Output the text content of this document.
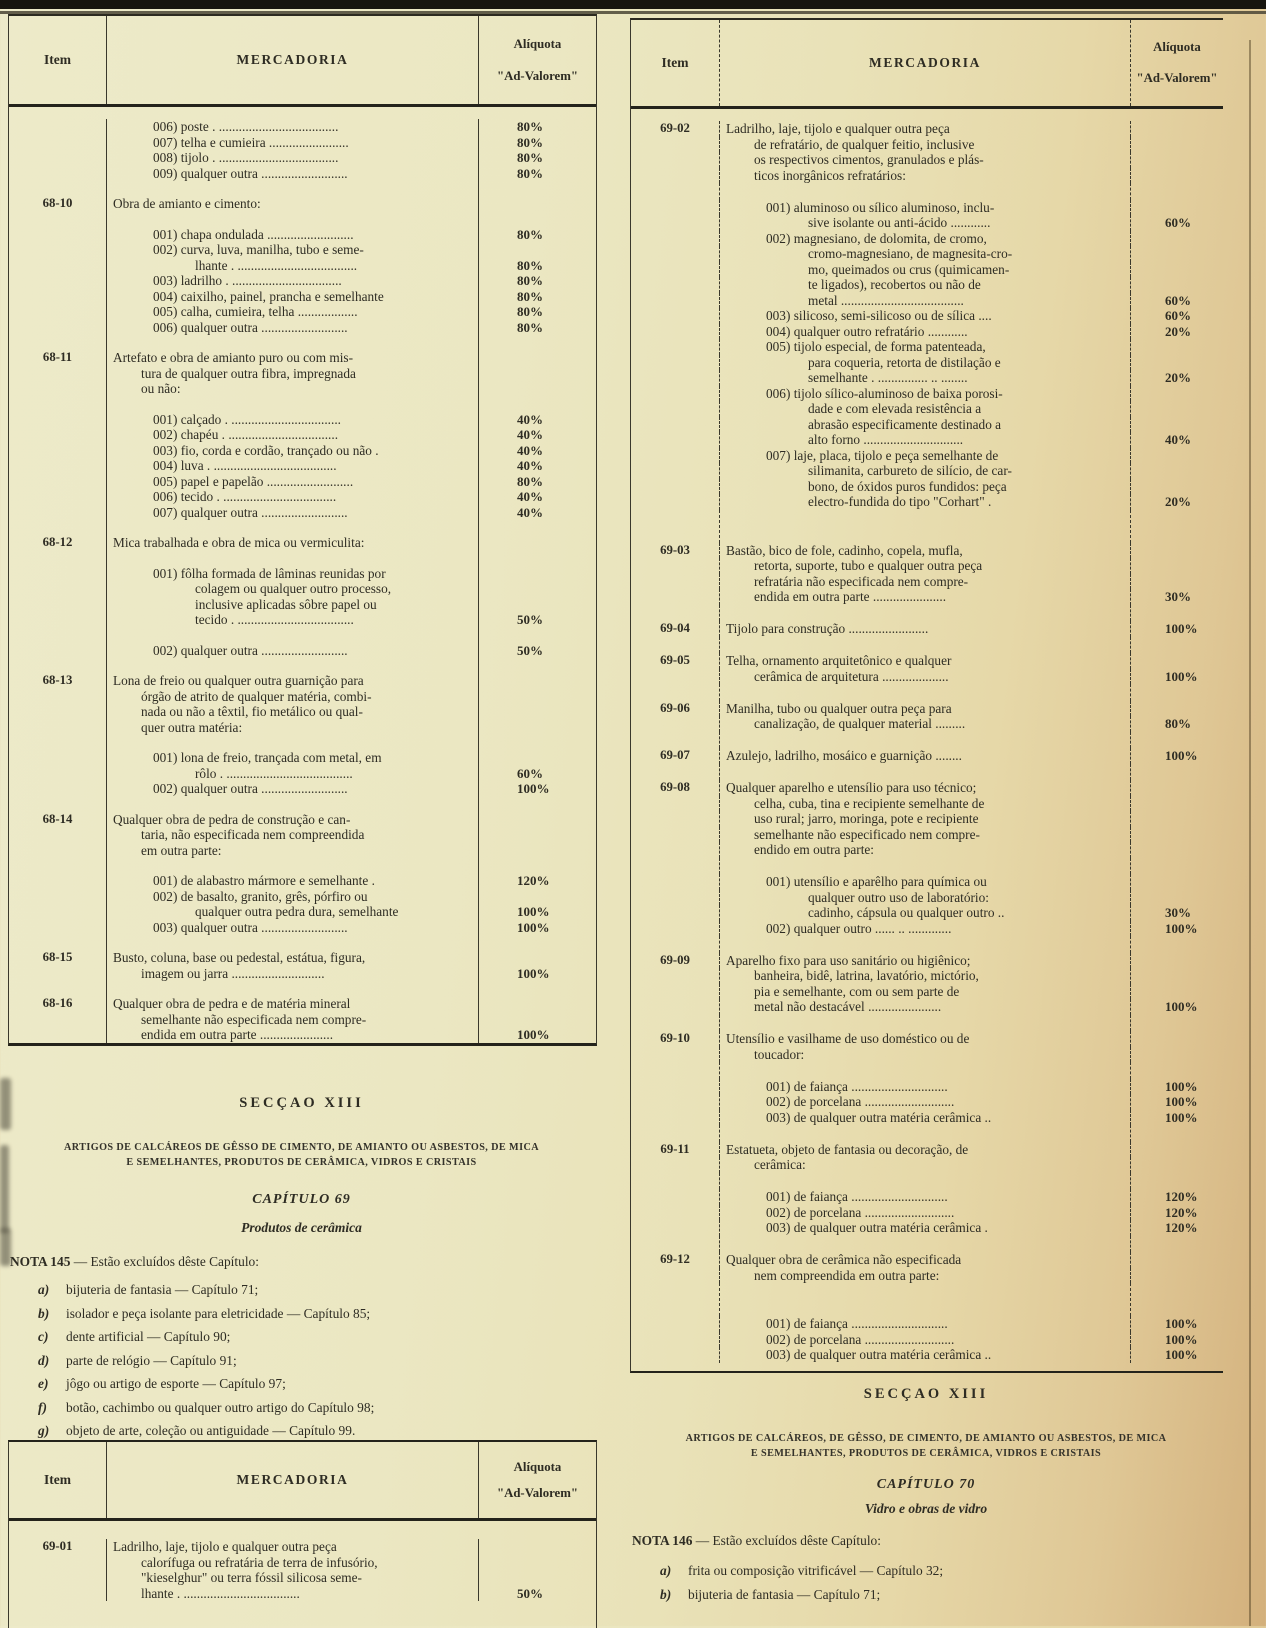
Item	MERCADORIA
Alíquota
"Ad-Valorem"
006) poste . ....................................	80%
007) telha e cumieira ........................	80%
008) tijolo . ....................................	80%
009) qualquer outra ..........................	80%
68-10	Obra de amianto e cimento:
001) chapa ondulada ..........................	80%
002) curva, luva, manilha, tubo e seme-
lhante . ....................................	80%
003) ladrilho . .................................	80%
004) caixilho, painel, prancha e semelhante	80%
005) calha, cumieira, telha ..................	80%
006) qualquer outra ..........................	80%
68-11	Artefato e obra de amianto puro ou com mis-
tura de qualquer outra fibra, impregnada
ou não:
001) calçado . .................................	40%
002) chapéu . .................................	40%
003) fio, corda e cordão, trançado ou não .	40%
004) luva . .....................................	40%
005) papel e papelão ..........................	80%
006) tecido . ..................................	40%
007) qualquer outra ..........................	40%
68-12	Mica trabalhada e obra de mica ou vermiculita:
001) fôlha formada de lâminas reunidas por
colagem ou qualquer outro processo,
inclusive aplicadas sôbre papel ou
tecido . ...................................	50%
002) qualquer outra ..........................	50%
68-13	Lona de freio ou qualquer outra guarnição para
órgão de atrito de qualquer matéria, combi-
nada ou não a têxtil, fio metálico ou qual-
quer outra matéria:
001) lona de freio, trançada com metal, em
rôlo . ......................................	60%
002) qualquer outra ..........................	100%
68-14	Qualquer obra de pedra de construção e can-
taria, não especificada nem compreendida
em outra parte:
001) de alabastro mármore e semelhante .	120%
002) de basalto, granito, grês, pórfiro ou
qualquer outra pedra dura, semelhante	100%
003) qualquer outra ..........................	100%
68-15	Busto, coluna, base ou pedestal, estátua, figura,
imagem ou jarra ............................	100%
68-16	Qualquer obra de pedra e de matéria mineral
semelhante não especificada nem compre-
endida em outra parte ......................	100%
Item	MERCADORIA
Alíquota
"Ad-Valorem"
69-02	Ladrilho, laje, tijolo e qualquer outra peça
de refratário, de qualquer feitio, inclusive
os respectivos cimentos, granulados e plás-
ticos inorgânicos refratários:
001) aluminoso ou sílico aluminoso, inclu-
sive isolante ou anti-ácido ............	60%
002) magnesiano, de dolomita, de cromo,
cromo-magnesiano, de magnesita-cro-
mo, queimados ou crus (quimicamen-
te ligados), recobertos ou não de
metal .....................................	60%
003) silicoso, semi-silicoso ou de sílica ....	60%
004) qualquer outro refratário ............	20%
005) tijolo especial, de forma patenteada,
para coqueria, retorta de distilação e
semelhante . ............... .. ........	20%
006) tijolo sílico-aluminoso de baixa porosi-
dade e com elevada resistência a
abrasão especificamente destinado a
alto forno ..............................	40%
007) laje, placa, tijolo e peça semelhante de
silimanita, carbureto de silício, de car-
bono, de óxidos puros fundidos: peça
electro-fundida do tipo "Corhart" .	20%
69-03	Bastão, bico de fole, cadinho, copela, mufla,
retorta, suporte, tubo e qualquer outra peça
refratária não especificada nem compre-
endida em outra parte ......................	30%
69-04	Tijolo para construção ........................	100%
69-05	Telha, ornamento arquitetônico e qualquer
cerâmica de arquitetura ....................	100%
69-06	Manilha, tubo ou qualquer outra peça para
canalização, de qualquer material .........	80%
69-07	Azulejo, ladrilho, mosáico e guarnição ........	100%
69-08	Qualquer aparelho e utensílio para uso técnico;
celha, cuba, tina e recipiente semelhante de
uso rural; jarro, moringa, pote e recipiente
semelhante não especificado nem compre-
endido em outra parte:
001) utensílio e aparêlho para química ou
qualquer outro uso de laboratório:
cadinho, cápsula ou qualquer outro ..	30%
002) qualquer outro ...... .. .............	100%
69-09	Aparelho fixo para uso sanitário ou higiênico;
banheira, bidê, latrina, lavatório, mictório,
pia e semelhante, com ou sem parte de
metal não destacável ......................	100%
69-10	Utensílio e vasilhame de uso doméstico ou de
toucador:
001) de faiança .............................	100%
002) de porcelana ...........................	100%
003) de qualquer outra matéria cerâmica ..	100%
69-11	Estatueta, objeto de fantasia ou decoração, de
cerâmica:
001) de faiança .............................	120%
002) de porcelana ...........................	120%
003) de qualquer outra matéria cerâmica .	120%
69-12	Qualquer obra de cerâmica não especificada
nem compreendida em outra parte:
001) de faiança .............................	100%
002) de porcelana ...........................	100%
003) de qualquer outra matéria cerâmica ..	100%
SECÇAO XIII
ARTIGOS DE CALCÁREOS DE GÊSSO DE CIMENTO, DE AMIANTO OU ASBESTOS, DE MICA
E SEMELHANTES, PRODUTOS DE CERÂMICA, VIDROS E CRISTAIS
CAPÍTULO 69
Produtos de cerâmica
NOTA 145 — Estão excluídos dêste Capítulo:
a)	bijuteria de fantasia — Capítulo 71;
b)	isolador e peça isolante para eletricidade — Capítulo 85;
c)	dente artificial — Capítulo 90;
d)	parte de relógio — Capítulo 91;
e)	jôgo ou artigo de esporte — Capítulo 97;
f)	botão, cachimbo ou qualquer outro artigo do Capítulo 98;
g)	objeto de arte, coleção ou antiguidade — Capítulo 99.
Item	MERCADORIA
Alíquota
"Ad-Valorem"
69-01	Ladrilho, laje, tijolo e qualquer outra peça
calorífuga ou refratária de terra de infusório,
"kieselghur" ou terra fóssil silicosa seme-
lhante . ...................................	50%
SECÇAO XIII
ARTIGOS DE CALCÁREOS, DE GÊSSO, DE CIMENTO, DE AMIANTO OU ASBESTOS, DE MICA
E SEMELHANTES, PRODUTOS DE CERÂMICA, VIDROS E CRISTAIS
CAPÍTULO 70
Vidro e obras de vidro
NOTA 146 — Estão excluídos dêste Capítulo:
a)	frita ou composição vitrificável — Capítulo 32;
b)	bijuteria de fantasia — Capítulo 71;
